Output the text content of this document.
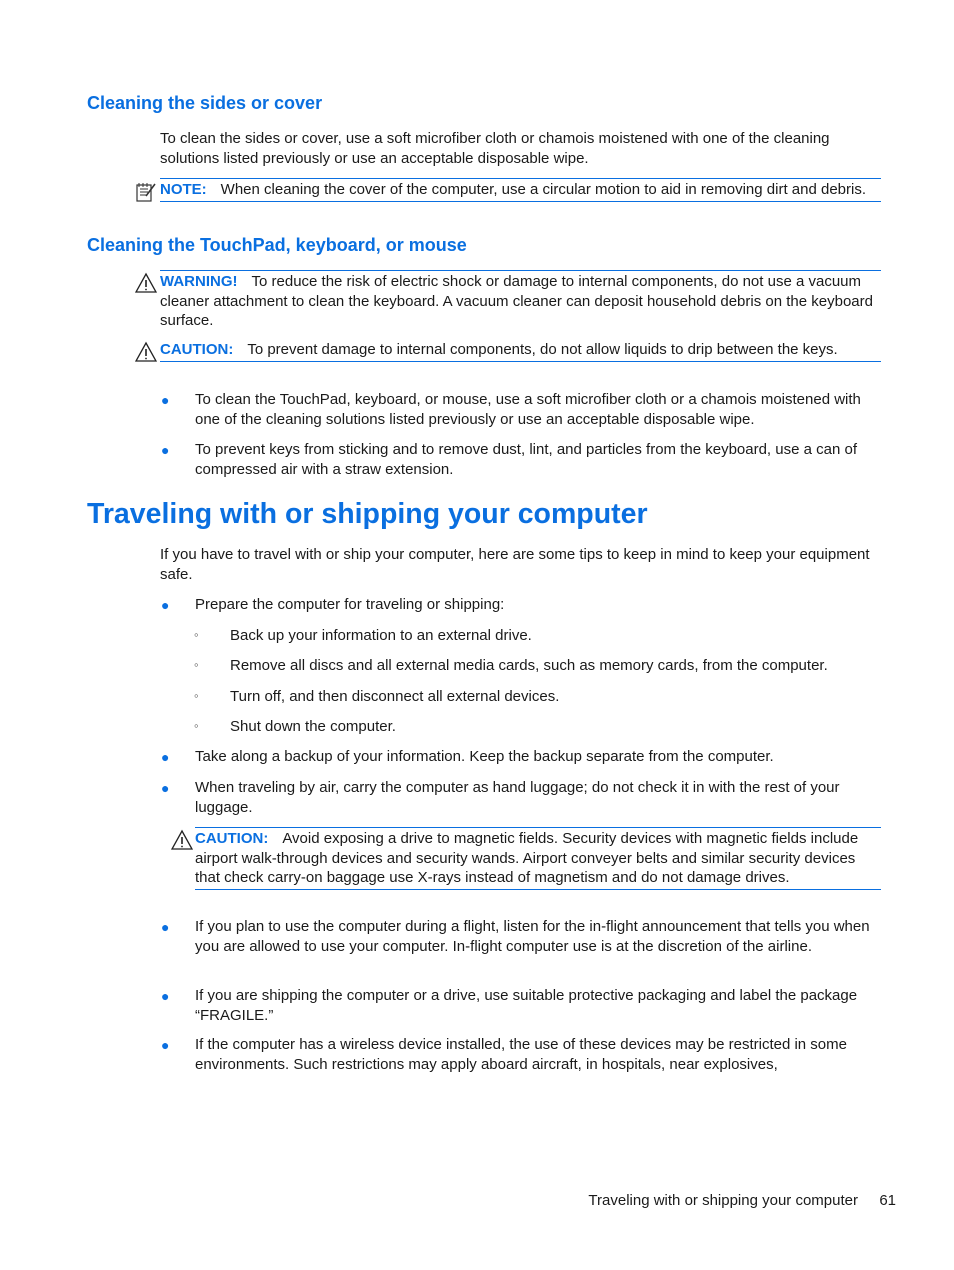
Cleaning the sides or cover

To clean the sides or cover, use a soft microfiber cloth or chamois moistened with one of the cleaning solutions listed previously or use an acceptable disposable wipe.

NOTE: When cleaning the cover of the computer, use a circular motion to aid in removing dirt and debris.
Cleaning the TouchPad, keyboard, or mouse
WARNING! To reduce the risk of electric shock or damage to internal components, do not use a vacuum cleaner attachment to clean the keyboard. A vacuum cleaner can deposit household debris on the keyboard surface.
CAUTION: To prevent damage to internal components, do not allow liquids to drip between the keys.
● To clean the TouchPad, keyboard, or mouse, use a soft microfiber cloth or a chamois moistened with one of the cleaning solutions listed previously or use an acceptable disposable wipe.
● To prevent keys from sticking and to remove dust, lint, and particles from the keyboard, use a can of compressed air with a straw extension.
Traveling with or shipping your computer

If you have to travel with or ship your computer, here are some tips to keep in mind to keep your equipment safe.

● Prepare the computer for traveling or shipping:
◦ Back up your information to an external drive.
◦ Remove all discs and all external media cards, such as memory cards, from the computer.
◦ Turn off, and then disconnect all external devices.
◦ Shut down the computer.
● Take along a backup of your information. Keep the backup separate from the computer.
● When traveling by air, carry the computer as hand luggage; do not check it in with the rest of your luggage.
CAUTION: Avoid exposing a drive to magnetic fields. Security devices with magnetic fields include airport walk-through devices and security wands. Airport conveyer belts and similar security devices that check carry-on baggage use X-rays instead of magnetism and do not damage drives.
● If you plan to use the computer during a flight, listen for the in-flight announcement that tells you when you are allowed to use your computer. In-flight computer use is at the discretion of the airline.
● If you are shipping the computer or a drive, use suitable protective packaging and label the package “FRAGILE.”
● If the computer has a wireless device installed, the use of these devices may be restricted in some environments. Such restrictions may apply aboard aircraft, in hospitals, near explosives,
Traveling with or shipping your computer 61
